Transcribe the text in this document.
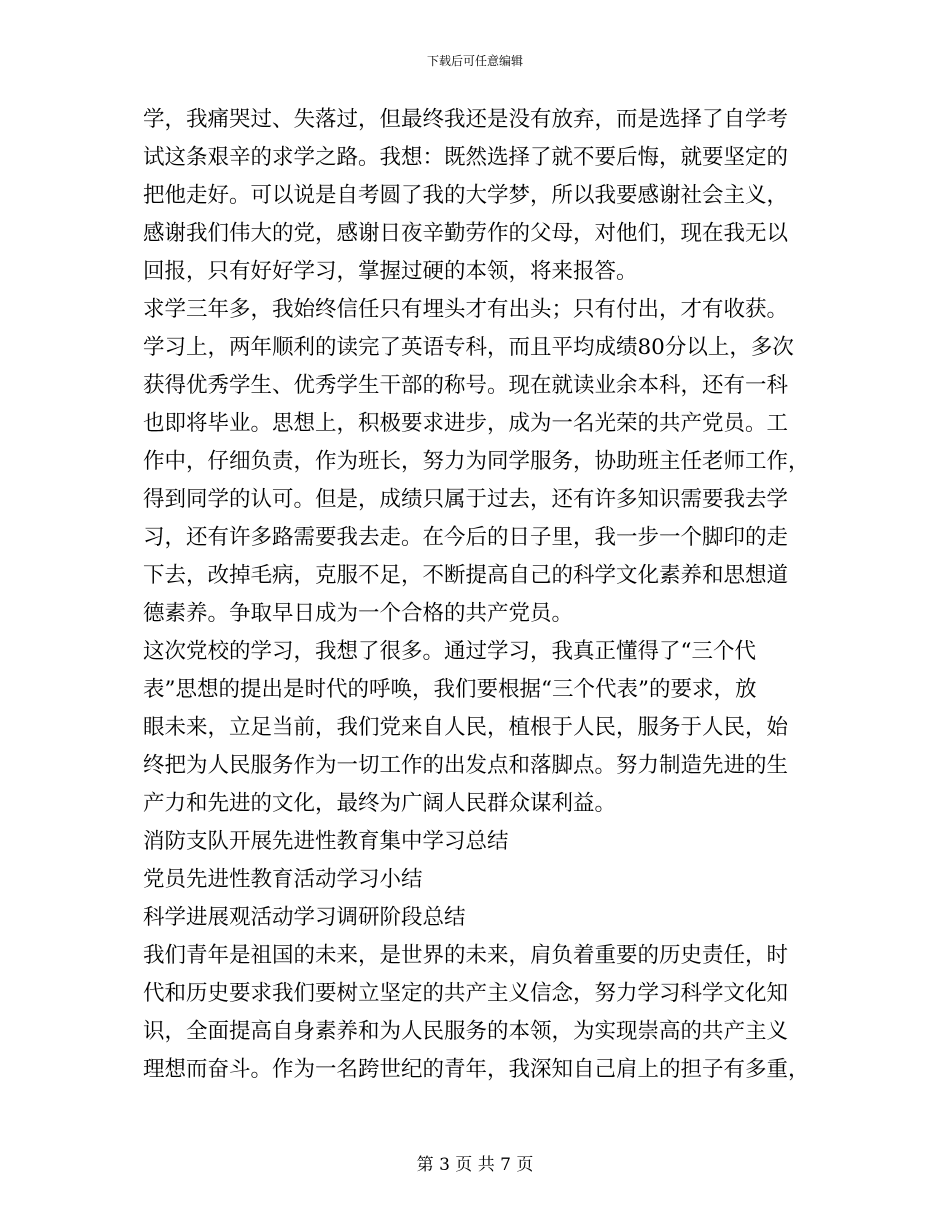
下载后可任意编辑
学，我痛哭过、失落过，但最终我还是没有放弃，而是选择了自学考
试这条艰辛的求学之路。我想：既然选择了就不要后悔，就要坚定的
把他走好。可以说是自考圆了我的大学梦，所以我要感谢社会主义，
感谢我们伟大的党，感谢日夜辛勤劳作的父母，对他们，现在我无以
回报，只有好好学习，掌握过硬的本领，将来报答。
求学三年多，我始终信任只有埋头才有出头；只有付出，才有收获。
学习上，两年顺利的读完了英语专科，而且平均成绩80分以上，多次
获得优秀学生、优秀学生干部的称号。现在就读业余本科，还有一科
也即将毕业。思想上，积极要求进步，成为一名光荣的共产党员。工
作中，仔细负责，作为班长，努力为同学服务，协助班主任老师工作，
得到同学的认可。但是，成绩只属于过去，还有许多知识需要我去学
习，还有许多路需要我去走。在今后的日子里，我一步一个脚印的走
下去，改掉毛病，克服不足，不断提高自己的科学文化素养和思想道
德素养。争取早日成为一个合格的共产党员。
这次党校的学习，我想了很多。通过学习，我真正懂得了“三个代
表”思想的提出是时代的呼唤，我们要根据“三个代表”的要求，放
眼未来，立足当前，我们党来自人民，植根于人民，服务于人民，始
终把为人民服务作为一切工作的出发点和落脚点。努力制造先进的生
产力和先进的文化，最终为广阔人民群众谋利益。
消防支队开展先进性教育集中学习总结
党员先进性教育活动学习小结
科学进展观活动学习调研阶段总结
我们青年是祖国的未来，是世界的未来，肩负着重要的历史责任，时
代和历史要求我们要树立坚定的共产主义信念，努力学习科学文化知
识，全面提高自身素养和为人民服务的本领，为实现崇高的共产主义
理想而奋斗。作为一名跨世纪的青年，我深知自己肩上的担子有多重，
第 3 页 共 7 页
